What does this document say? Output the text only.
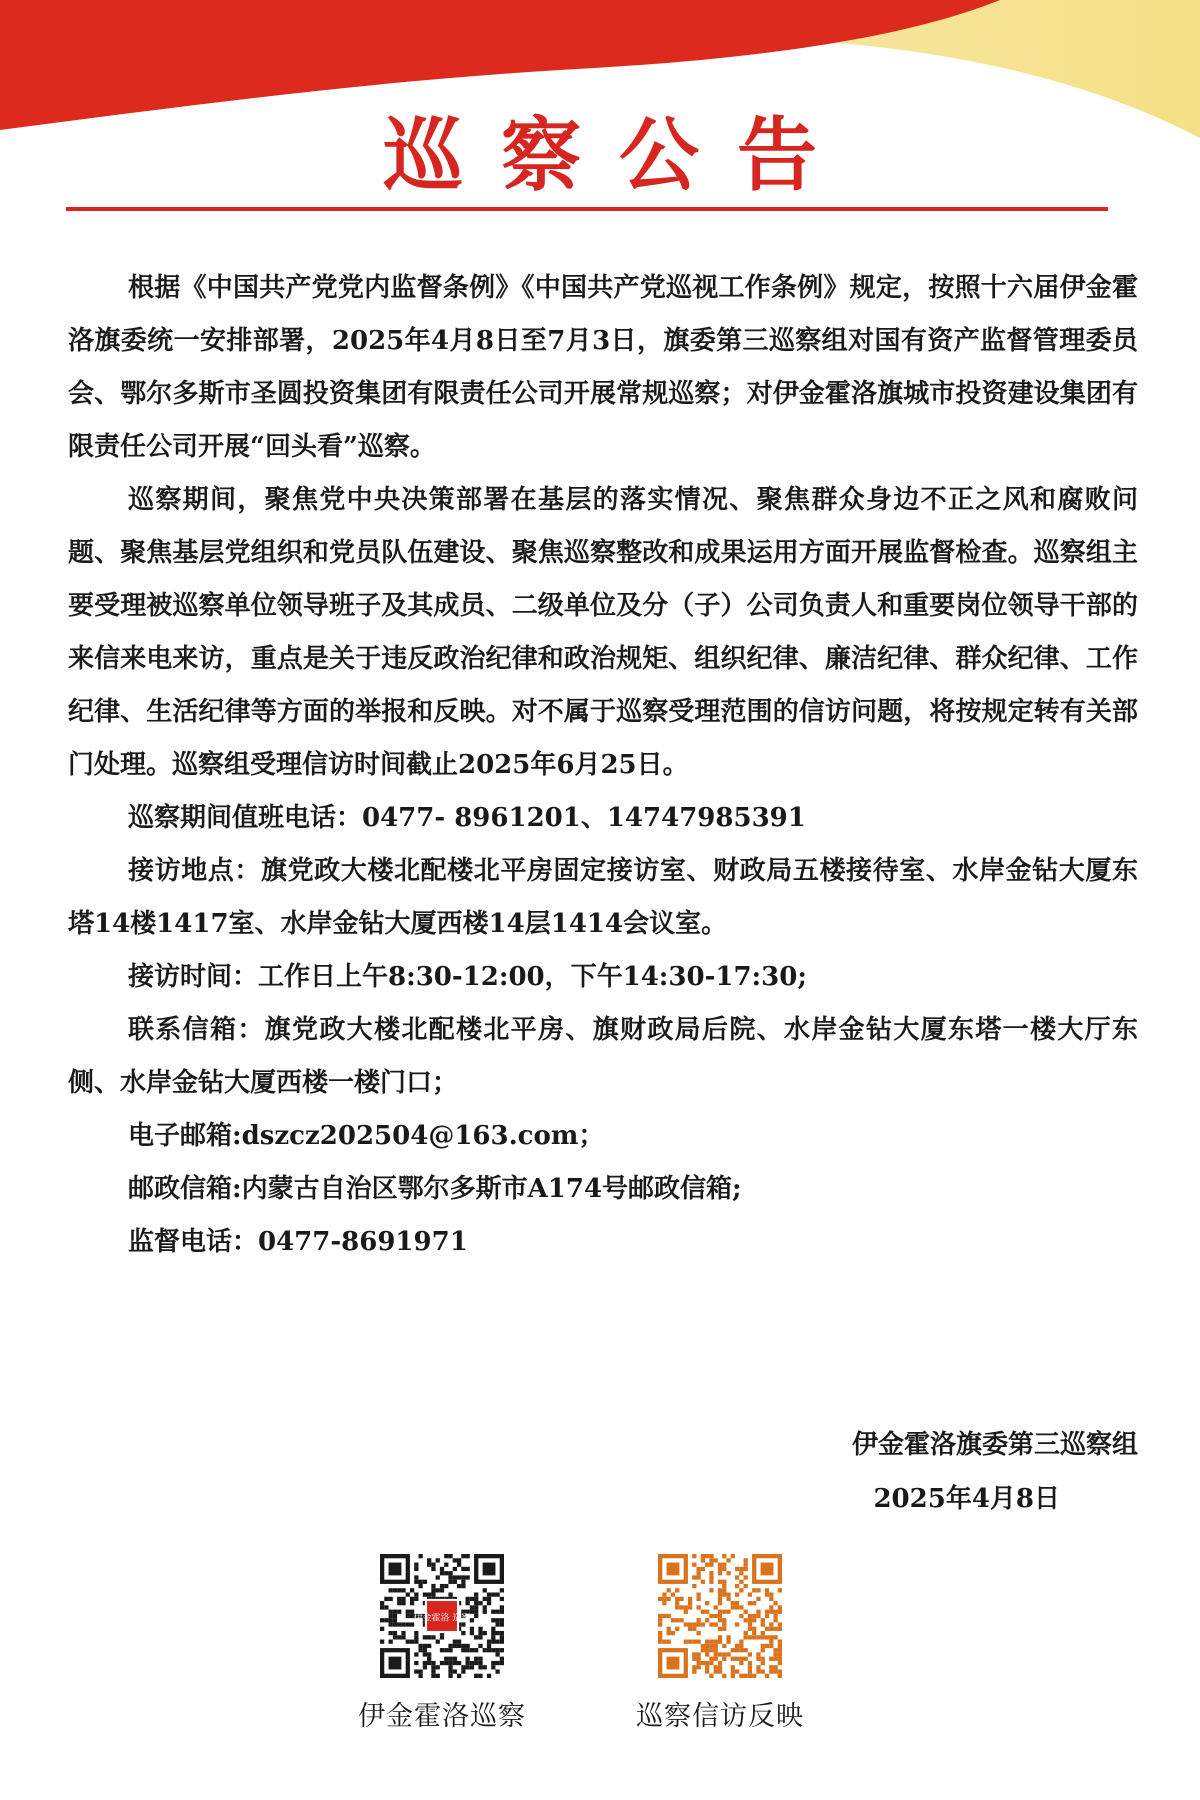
巡察公告

根据《中国共产党党内监督条例》《中国共产党巡视工作条例》规定，按照十六届伊金霍洛旗委统一安排部署，2025年4月8日至7月3日，旗委第三巡察组对国有资产监督管理委员会、鄂尔多斯市圣圆投资集团有限责任公司开展常规巡察；对伊金霍洛旗城市投资建设集团有限责任公司开展“回头看”巡察。

巡察期间，聚焦党中央决策部署在基层的落实情况、聚焦群众身边不正之风和腐败问题、聚焦基层党组织和党员队伍建设、聚焦巡察整改和成果运用方面开展监督检查。巡察组主要受理被巡察单位领导班子及其成员、二级单位及分（子）公司负责人和重要岗位领导干部的来信来电来访，重点是关于违反政治纪律和政治规矩、组织纪律、廉洁纪律、群众纪律、工作纪律、生活纪律等方面的举报和反映。对不属于巡察受理范围的信访问题，将按规定转有关部门处理。巡察组受理信访时间截止2025年6月25日。

巡察期间值班电话：0477- 8961201、14747985391

接访地点：旗党政大楼北配楼北平房固定接访室、财政局五楼接待室、水岸金钻大厦东塔14楼1417室、水岸金钻大厦西楼14层1414会议室。

接访时间：工作日上午8:30-12:00，下午14:30-17:30;

联系信箱：旗党政大楼北配楼北平房、旗财政局后院、水岸金钻大厦东塔一楼大厅东侧、水岸金钻大厦西楼一楼门口；

电子邮箱:dszcz202504@163.com；

邮政信箱:内蒙古自治区鄂尔多斯市A174号邮政信箱;

监督电话：0477-8691971

伊金霍洛旗委第三巡察组
2025年4月8日
伊金霍洛 巡察
伊金霍洛巡察	巡察信访反映
